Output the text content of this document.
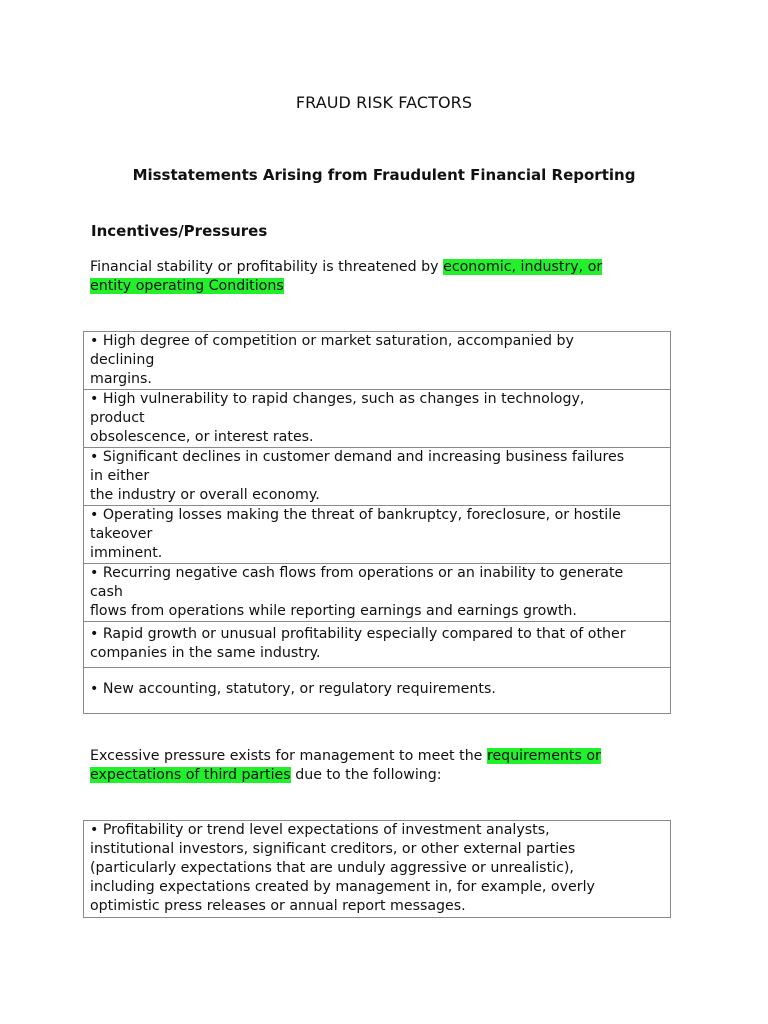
FRAUD RISK FACTORS
Misstatements Arising from Fraudulent Financial Reporting
Incentives/Pressures

Financial stability or profitability is threatened by economic, industry, or
entity operating Conditions

• High degree of competition or market saturation, accompanied by
declining
margins.

• High vulnerability to rapid changes, such as changes in technology,
product
obsolescence, or interest rates.

• Significant declines in customer demand and increasing business failures
in either
the industry or overall economy.

• Operating losses making the threat of bankruptcy, foreclosure, or hostile
takeover
imminent.

• Recurring negative cash flows from operations or an inability to generate
cash
flows from operations while reporting earnings and earnings growth.

• Rapid growth or unusual profitability especially compared to that of other
companies in the same industry.

• New accounting, statutory, or regulatory requirements.

Excessive pressure exists for management to meet the requirements or
expectations of third parties due to the following:

• Profitability or trend level expectations of investment analysts,
institutional investors, significant creditors, or other external parties
(particularly expectations that are unduly aggressive or unrealistic),
including expectations created by management in, for example, overly
optimistic press releases or annual report messages.
